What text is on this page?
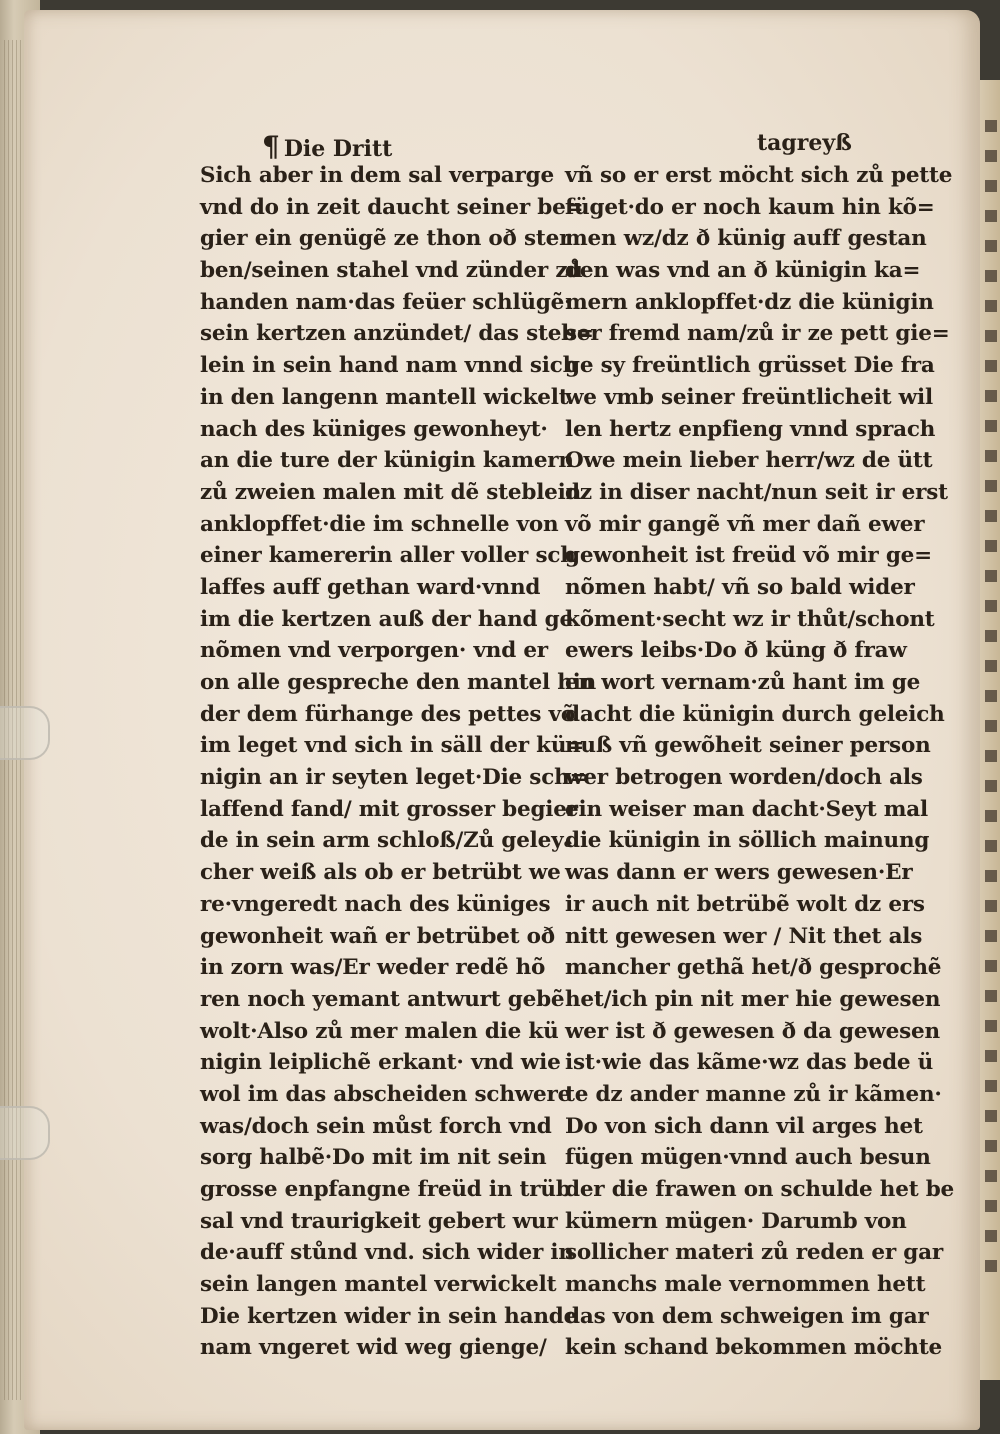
¶ Die Dritt	tagreyß
Sich aber in dem sal verparge
vnd do in zeit daucht seiner be=
gier ein genügẽ ze thon oð ster
ben/seinen stahel vnd zünder zů
handen nam·das feüer schlügẽ·
sein kertzen anzündet/ das steb=
lein in sein hand nam vnnd sich
in den langenn mantell wickelt
nach des küniges gewonheyt·
an die ture der künigin kamern
zů zweien malen mit dẽ steblein
anklopffet·die im schnelle von
einer kamererin aller voller sch
laffes auff gethan ward·vnnd
im die kertzen auß der hand ge
nõmen vnd verporgen· vnd er
on alle gespreche den mantel hin
der dem fürhange des pettes võ
im leget vnd sich in säll der kü=
nigin an ir seyten leget·Die sch=
laffend fand/ mit grosser begier
de in sein arm schloß/Zů geleyₑ
cher weiß als ob er betrübt we
re·vngeredt nach des küniges
gewonheit wañ er betrübet oð
in zorn was/Er weder redẽ hõ
ren noch yemant antwurt gebẽ
wolt·Also zů mer malen die kü
nigin leiplichẽ erkant· vnd wie
wol im das abscheiden schwere
was/doch sein můst forch vnd
sorg halbẽ·Do mit im nit sein
grosse enpfangne freüd in trüb
sal vnd traurigkeit gebert wur
de·auff stůnd vnd. sich wider in
sein langen mantel verwickelt
Die kertzen wider in sein hande
nam vngeret wid weg gienge/
vñ so er erst möcht sich zů pette
füget·do er noch kaum hin kõ=
men wz/dz ð künig auff gestan
den was vnd an ð künigin ka=
mern anklopffet·dz die künigin
ser fremd nam/zů ir ze pett gie=
ge sy freüntlich grüsset Die fra
we vmb seiner freüntlicheit wil
len hertz enpfieng vnnd sprach
Owe mein lieber herr/wz de ütt
dz in diser nacht/nun seit ir erst
võ mir gangẽ vñ mer dañ ewer
gewonheit ist freüd võ mir ge=
nõmen habt/ vñ so bald wider
kõment·secht wz ir thůt/schont
ewers leibs·Do ð küng ð fraw
en wort vernam·zů hant im ge
dacht die künigin durch geleich
nuß vñ gewõheit seiner person
wer betrogen worden/doch als
ein weiser man dacht·Seyt mal
die künigin in söllich mainung
was dann er wers gewesen·Er
ir auch nit betrübẽ wolt dz ers
nitt gewesen wer / Nit thet als
mancher gethã het/ð gesprochẽ
het/ich pin nit mer hie gewesen
wer ist ð gewesen ð da gewesen
ist·wie das kãme·wz das bede ü
te dz ander manne zů ir kãmen·
Do von sich dann vil arges het
fügen mügen·vnnd auch besun
der die frawen on schulde het be
kümern mügen· Darumb von
sollicher materi zů reden er gar
manchs male vernommen hett
das von dem schweigen im gar
kein schand bekommen möchte
